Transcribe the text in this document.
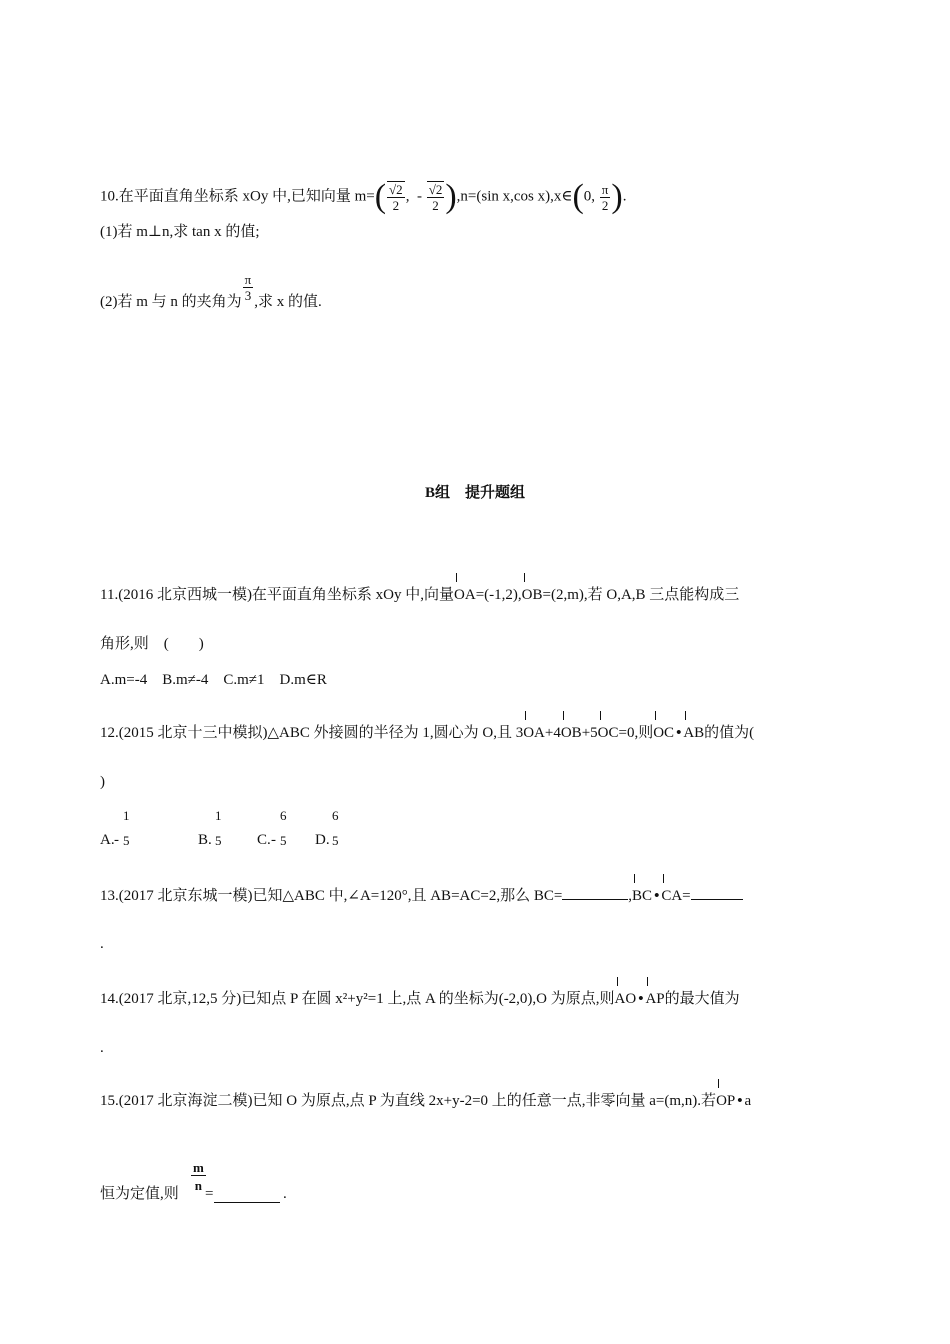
10.在平面直角坐标系 xOy 中,已知向量 $m=( \frac{√2}{2}$ , - $\frac{√2}{2} ),n=(\sin$ x,cos x),x∈(0, $\frac{\pi}{2}$ ).
(1)若 m⊥n,求 tan x 的值;
(2)若 m 与 n 的夹角为 $\frac{\pi}{3}$ ,求 x 的值.
B组　提升题组
11.(2016 北京西城一模)在平面直角坐标系 xOy 中,向量OA=(-1,2),OB=(2,m),若 O,A,B 三点能构成三
角形,则　(　　)
A.m=-4　B.m≠-4　C.m≠1　D.m∈R
12.(2015 北京十三中模拟)△ABC 外接圆的半径为 1,圆心为 O,且 3OA+4OB+5OC=0,则OC • AB的值为(
)
A. -
1
5	B.
1
5 C. -
6
5 D.
6
5
13.(2017 北京东城一模)已知△ABC 中,∠A=120°,且 AB=AC=2,那么 BC=	,BC • CA=
.
14.(2017 北京,12,5 分)已知点 P 在圆 x²+y²=1 上,点 A 的坐标为(-2,0),O 为原点,则AO • AP的最大值为
.
15.(2017 北京海淀二模)已知 O 为原点,点 P 为直线 2x+y-2=0 上的任意一点,非零向量 a=(m,n).若OP • a
恒为定值,则
$\frac{m}{n}$
=	.
